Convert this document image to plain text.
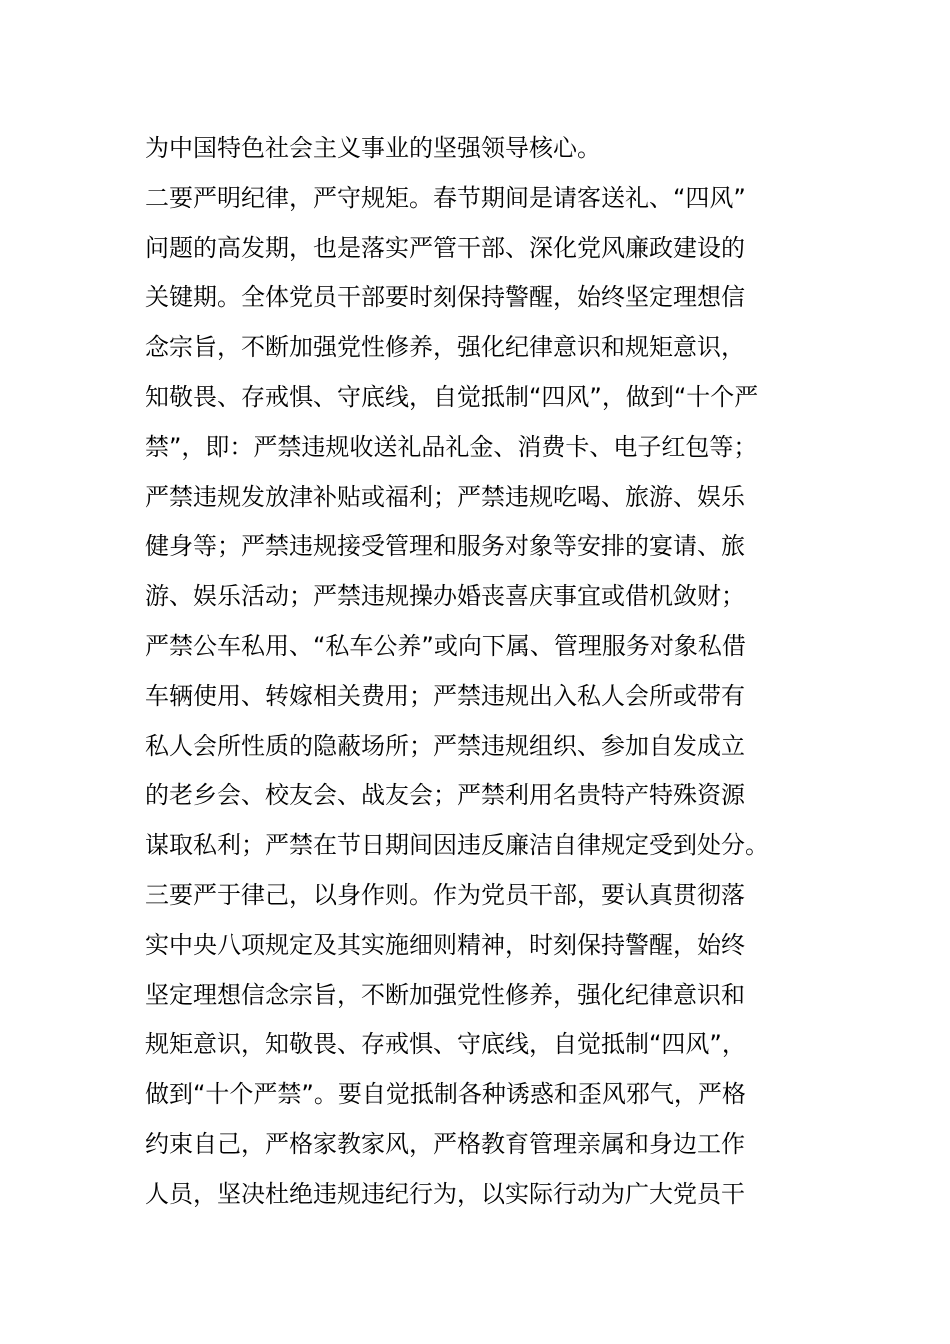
为中国特色社会主义事业的坚强领导核心。
二要严明纪律，严守规矩。春节期间是请客送礼、“四风”
问题的高发期，也是落实严管干部、深化党风廉政建设的
关键期。全体党员干部要时刻保持警醒，始终坚定理想信
念宗旨，不断加强党性修养，强化纪律意识和规矩意识，
知敬畏、存戒惧、守底线，自觉抵制“四风”，做到“十个严
禁”，即：严禁违规收送礼品礼金、消费卡、电子红包等；
严禁违规发放津补贴或福利；严禁违规吃喝、旅游、娱乐
健身等；严禁违规接受管理和服务对象等安排的宴请、旅
游、娱乐活动；严禁违规操办婚丧喜庆事宜或借机敛财；
严禁公车私用、“私车公养”或向下属、管理服务对象私借
车辆使用、转嫁相关费用；严禁违规出入私人会所或带有
私人会所性质的隐蔽场所；严禁违规组织、参加自发成立
的老乡会、校友会、战友会；严禁利用名贵特产特殊资源
谋取私利；严禁在节日期间因违反廉洁自律规定受到处分。
三要严于律己，以身作则。作为党员干部，要认真贯彻落
实中央八项规定及其实施细则精神，时刻保持警醒，始终
坚定理想信念宗旨，不断加强党性修养，强化纪律意识和
规矩意识，知敬畏、存戒惧、守底线，自觉抵制“四风”，
做到“十个严禁”。要自觉抵制各种诱惑和歪风邪气，严格
约束自己，严格家教家风，严格教育管理亲属和身边工作
人员，坚决杜绝违规违纪行为，以实际行动为广大党员干
